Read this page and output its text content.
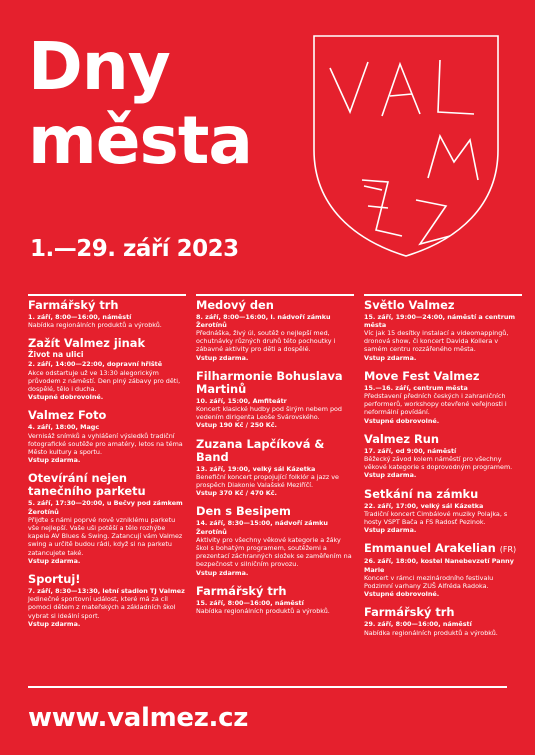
Dny
města
1.—29. září 2023
Farmářský trh
1. září, 8:00—16:00, náměstí
Nabídka regionálních produktů a výrobků.
Zažít Valmez jinak
Život na ulici
2. září, 14:00—22:00, dopravní hřiště
Akce odstartuje už ve 13:30 alegorickým průvodem z náměstí. Den plný zábavy pro děti, dospělé, tělo i ducha.
Vstupné dobrovolné.
Valmez Foto
4. září, 18:00, Magc
Vernisáž snímků a vyhlášení výsledků tradiční fotografické soutěže pro amatéry, letos na téma Město kultury a sportu.
Vstup zdarma.
Otevírání nejen tanečního parketu
5. září, 17:30—20:00, u Bečvy pod zámkem Žerotínů
Přijďte s námi poprvé nově vzniklému parketu vše nejlepší. Vaše uši potěší a tělo rozhýbe kapela AV Blues & Swing. Zatancují vám Valmez swing a určitě budou rádi, když si na parketu zatancujete také.
Vstup zdarma.
Sportuj!
7. září, 8:30—13:30, letní stadion TJ Valmez
Jedinečné sportovní událost, které má za cíl pomoci dětem z mateřských a základních škol vybrat si ideální sport.
Vstup zdarma.
Medový den
8. září, 8:00—16:00, I. nádvoří zámku Žerotínů
Přednáška, živý úl, soutěž o nejlepší med, ochutnávky různých druhů této pochoutky i zábavné aktivity pro děti a dospělé.
Vstup zdarma.
Filharmonie Bohuslava Martinů
10. září, 15:00, Amfiteátr
Koncert klasické hudby pod širým nebem pod vedením dirigenta Leoše Svárovského.
Vstup 190 Kč / 250 Kč.
Zuzana Lapčíková & Band
13. září, 19:00, velký sál Kázetka
Benefiční koncert propojující folklór a jazz ve prospěch Diakonie Valašské Meziříčí.
Vstup 370 Kč / 470 Kč.
Den s Besipem
14. září, 8:30—15:00, nádvoří zámku Žerotínů
Aktivity pro všechny věkové kategorie a žáky škol s bohatým programem, soutěžemi a prezentací záchranných složek se zaměřením na bezpečnost v silničním provozu.
Vstup zdarma.
Farmářský trh
15. září, 8:00—16:00, náměstí
Nabídka regionálních produktů a výrobků.
Světlo Valmez
15. září, 19:00—24:00, náměstí a centrum města
Víc jak 15 desítky instalací a videomappingů, dronová show, či koncert Davida Kollera v samém centru rozzářeného města.
Vstup zdarma.
Move Fest Valmez
15.—16. září, centrum města
Představení předních českých i zahraničních performerů, workshopy otevřené veřejnosti i neformální povídání.
Vstupné dobrovolné.
Valmez Run
17. září, od 9:00, náměstí
Běžecký závod kolem náměstí pro všechny věkové kategorie s doprovodným programem.
Vstup zdarma.
Setkání na zámku
22. září, 17:00, velký sál Kázetka
Tradiční koncert Cimbálové muziky Polajka, s hosty VSPT Bača a FS Radosť Pezinok.
Vstup zdarma.
Emmanuel Arakelian (FR)
26. září, 18:00, kostel Nanebevzetí Panny Marie
Koncert v rámci mezinárodního festivalu Podzimní varhany ZUŠ Alfréda Radoka.
Vstupné dobrovolné.
Farmářský trh
29. září, 8:00—16:00, náměstí
Nabídka regionálních produktů a výrobků.
www.valmez.cz
